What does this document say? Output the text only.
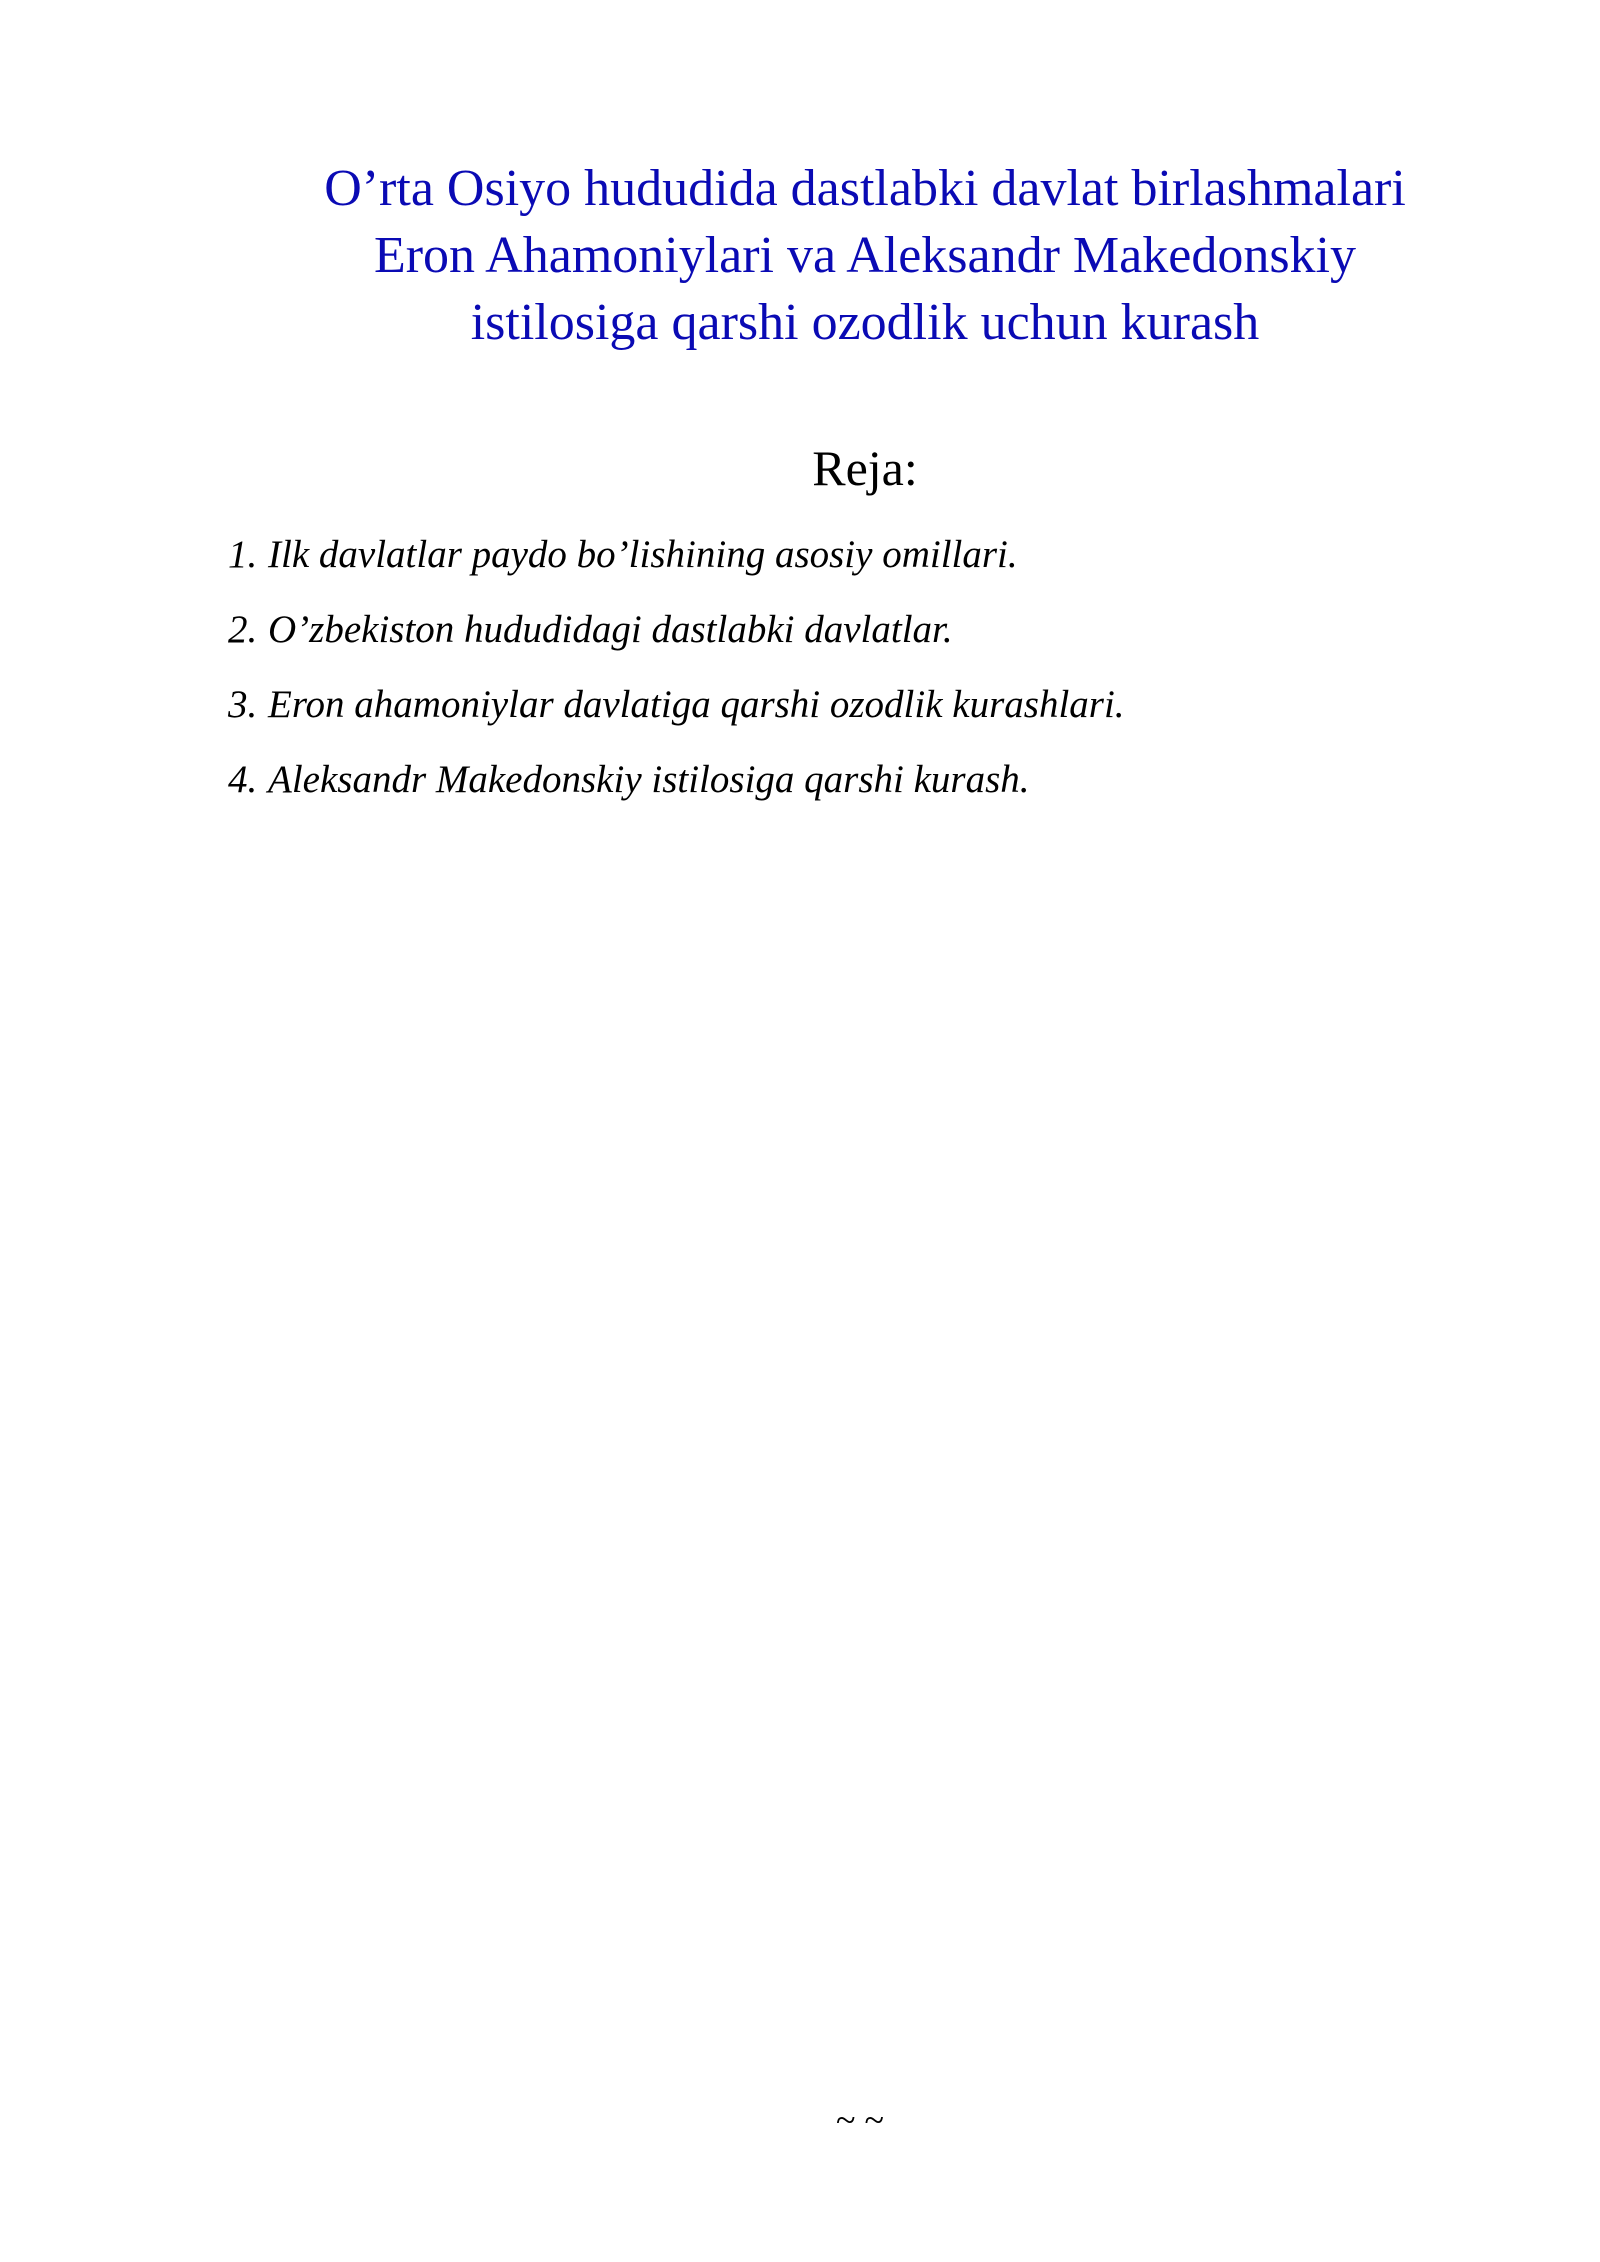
O’rta Osiyo hududida dastlabki davlat birlashmalari
Eron Ahamoniylari va Aleksandr Makedonskiy
istilosiga qarshi ozodlik uchun kurash
Reja:
1. Ilk davlatlar paydo bo’lishining asosiy omillari.
2. O’zbekiston hududidagi dastlabki davlatlar.
3. Eron ahamoniylar davlatiga qarshi ozodlik kurashlari.
4. Aleksandr Makedonskiy istilosiga qarshi kurash.
~ ~
